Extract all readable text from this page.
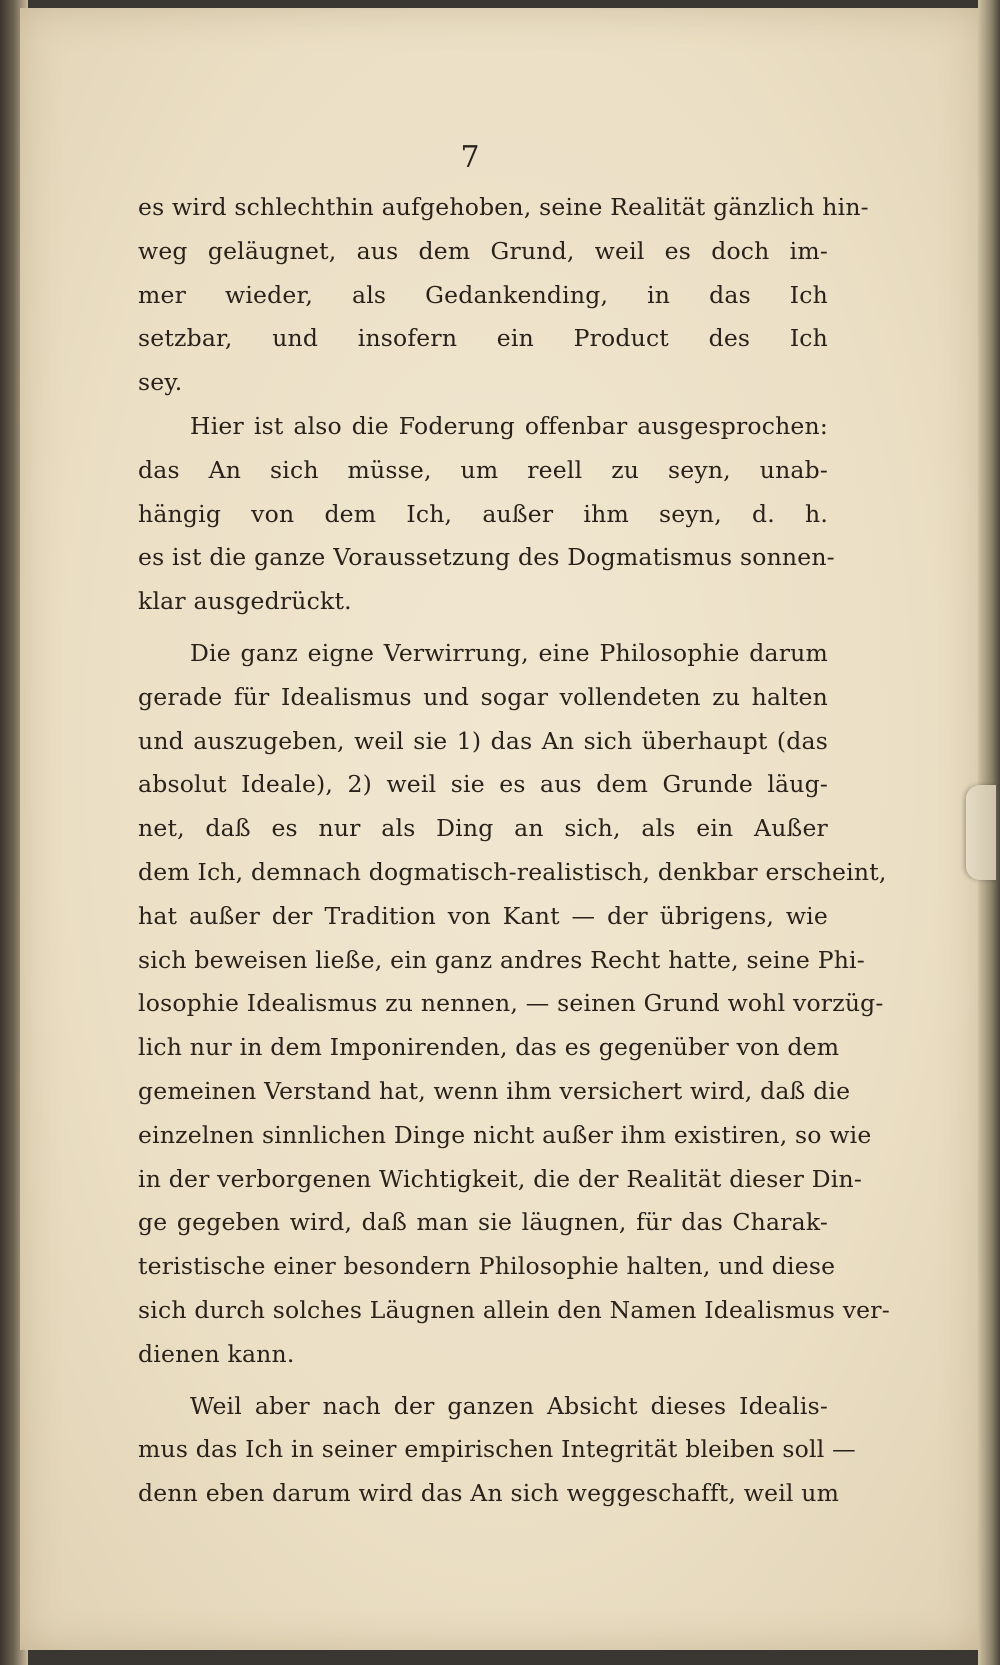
7
es wird schlechthin aufgehoben, seine Realität gänzlich hin-
weg geläugnet, aus dem Grund, weil es doch im-
mer wieder, als Gedankending, in das Ich
setzbar, und insofern ein Product des Ich
sey.
Hier ist also die Foderung offenbar ausgesprochen:
das An sich müsse, um reell zu seyn, unab-
hängig von dem Ich, außer ihm seyn, d. h.
es ist die ganze Voraussetzung des Dogmatismus sonnen-
klar ausgedrückt.
Die ganz eigne Verwirrung, eine Philosophie darum
gerade für Idealismus und sogar vollendeten zu halten
und auszugeben, weil sie 1) das An sich überhaupt (das
absolut Ideale), 2) weil sie es aus dem Grunde läug-
net, daß es nur als Ding an sich, als ein Außer
dem Ich, demnach dogmatisch-realistisch, denkbar erscheint,
hat außer der Tradition von Kant — der übrigens, wie
sich beweisen ließe, ein ganz andres Recht hatte, seine Phi-
losophie Idealismus zu nennen, — seinen Grund wohl vorzüg-
lich nur in dem Imponirenden, das es gegenüber von dem
gemeinen Verstand hat, wenn ihm versichert wird, daß die
einzelnen sinnlichen Dinge nicht außer ihm existiren, so wie
in der verborgenen Wichtigkeit, die der Realität dieser Din-
ge gegeben wird, daß man sie läugnen, für das Charak-
teristische einer besondern Philosophie halten, und diese
sich durch solches Läugnen allein den Namen Idealismus ver-
dienen kann.
Weil aber nach der ganzen Absicht dieses Idealis-
mus das Ich in seiner empirischen Integrität bleiben soll —
denn eben darum wird das An sich weggeschafft, weil um
